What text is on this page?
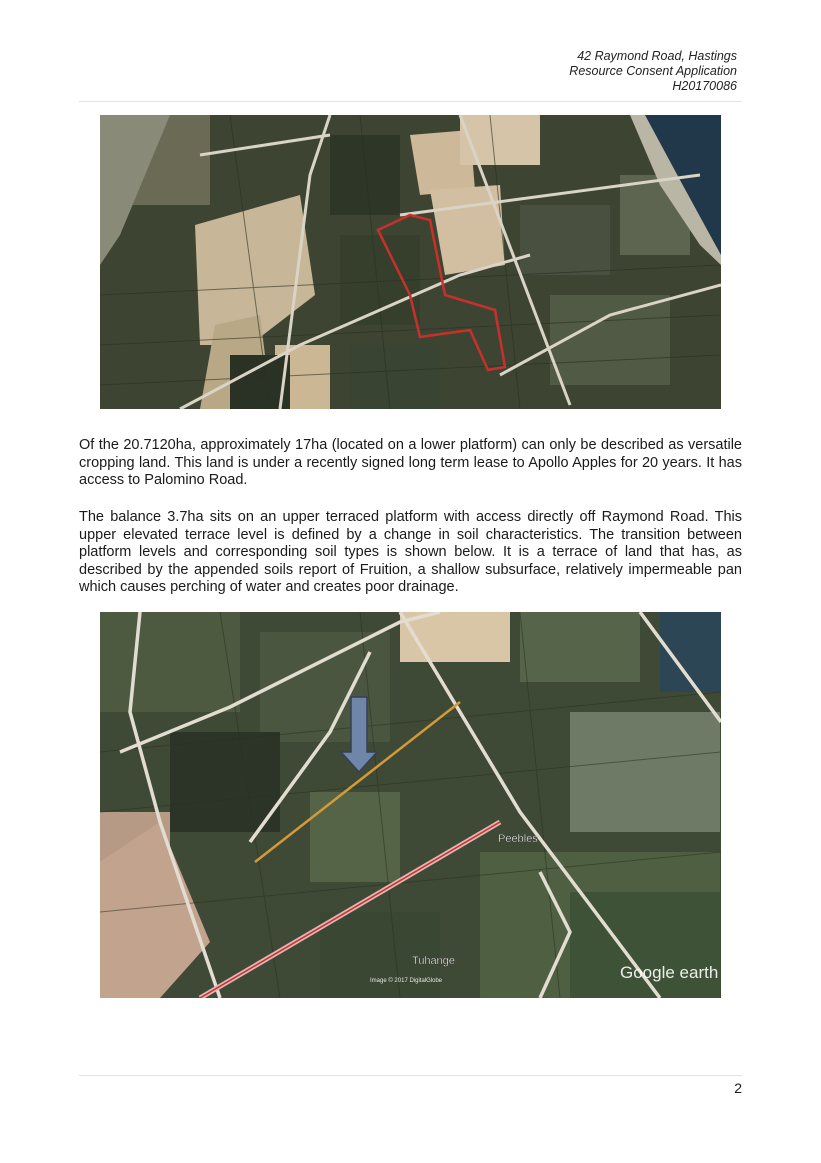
42 Raymond Road, Hastings
Resource Consent Application
H20170086

Of the 20.7120ha, approximately 17ha (located on a lower platform) can only be described as versatile cropping land. This land is under a recently signed long term lease to Apollo Apples for 20 years. It has access to Palomino Road.

The balance 3.7ha sits on an upper terraced platform with access directly off Raymond Road. This upper elevated terrace level is defined by a change in soil characteristics. The transition between platform levels and corresponding soil types is shown below. It is a terrace of land that has, as described by the appended soils report of Fruition, a shallow subsurface, relatively impermeable pan which causes perching of water and creates poor drainage.

Peebles
Tuhange
Image © 2017 DigitalGlobe	Google earth
2
